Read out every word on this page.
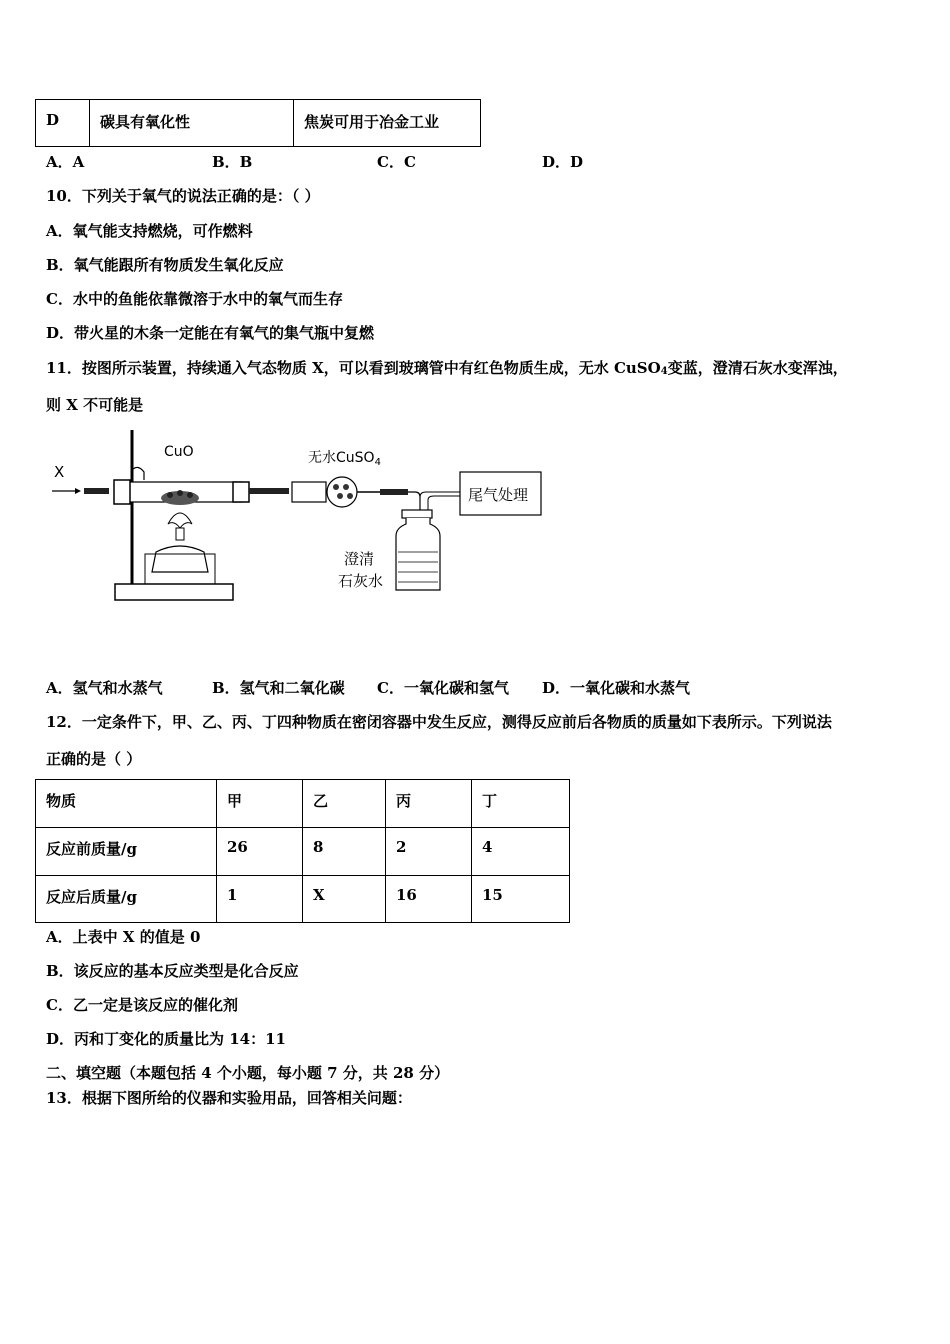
D	碳具有氧化性	焦炭可用于冶金工业
A．A	B．B	C．C	D．D
10．下列关于氧气的说法正确的是：（ ）
A．氧气能支持燃烧，可作燃料
B．氧气能跟所有物质发生氧化反应
C．水中的鱼能依靠微溶于水中的氧气而生存
D．带火星的木条一定能在有氧气的集气瓶中复燃
11．按图所示装置，持续通入气态物质 X，可以看到玻璃管中有红色物质生成，无水 CuSO4变蓝，澄清石灰水变浑浊，
则 X 不可能是
X
CuO	无水CuSO$_4$
尾气处理
澄清
石灰水
A．氢气和水蒸气	B．氢气和二氧化碳 C．一氧化碳和氢气 D．一氧化碳和水蒸气
12．一定条件下，甲、乙、丙、丁四种物质在密闭容器中发生反应，测得反应前后各物质的质量如下表所示。下列说法
正确的是（ ）
物质	甲	乙	丙	丁
反应前质量/g	26	8	2	4
反应后质量/g	1	X	16	15
A．上表中 X 的值是 0
B．该反应的基本反应类型是化合反应
C．乙一定是该反应的催化剂
D．丙和丁变化的质量比为 14：11
二、填空题（本题包括 4 个小题，每小题 7 分，共 28 分）
13．根据下图所给的仪器和实验用品，回答相关问题：
